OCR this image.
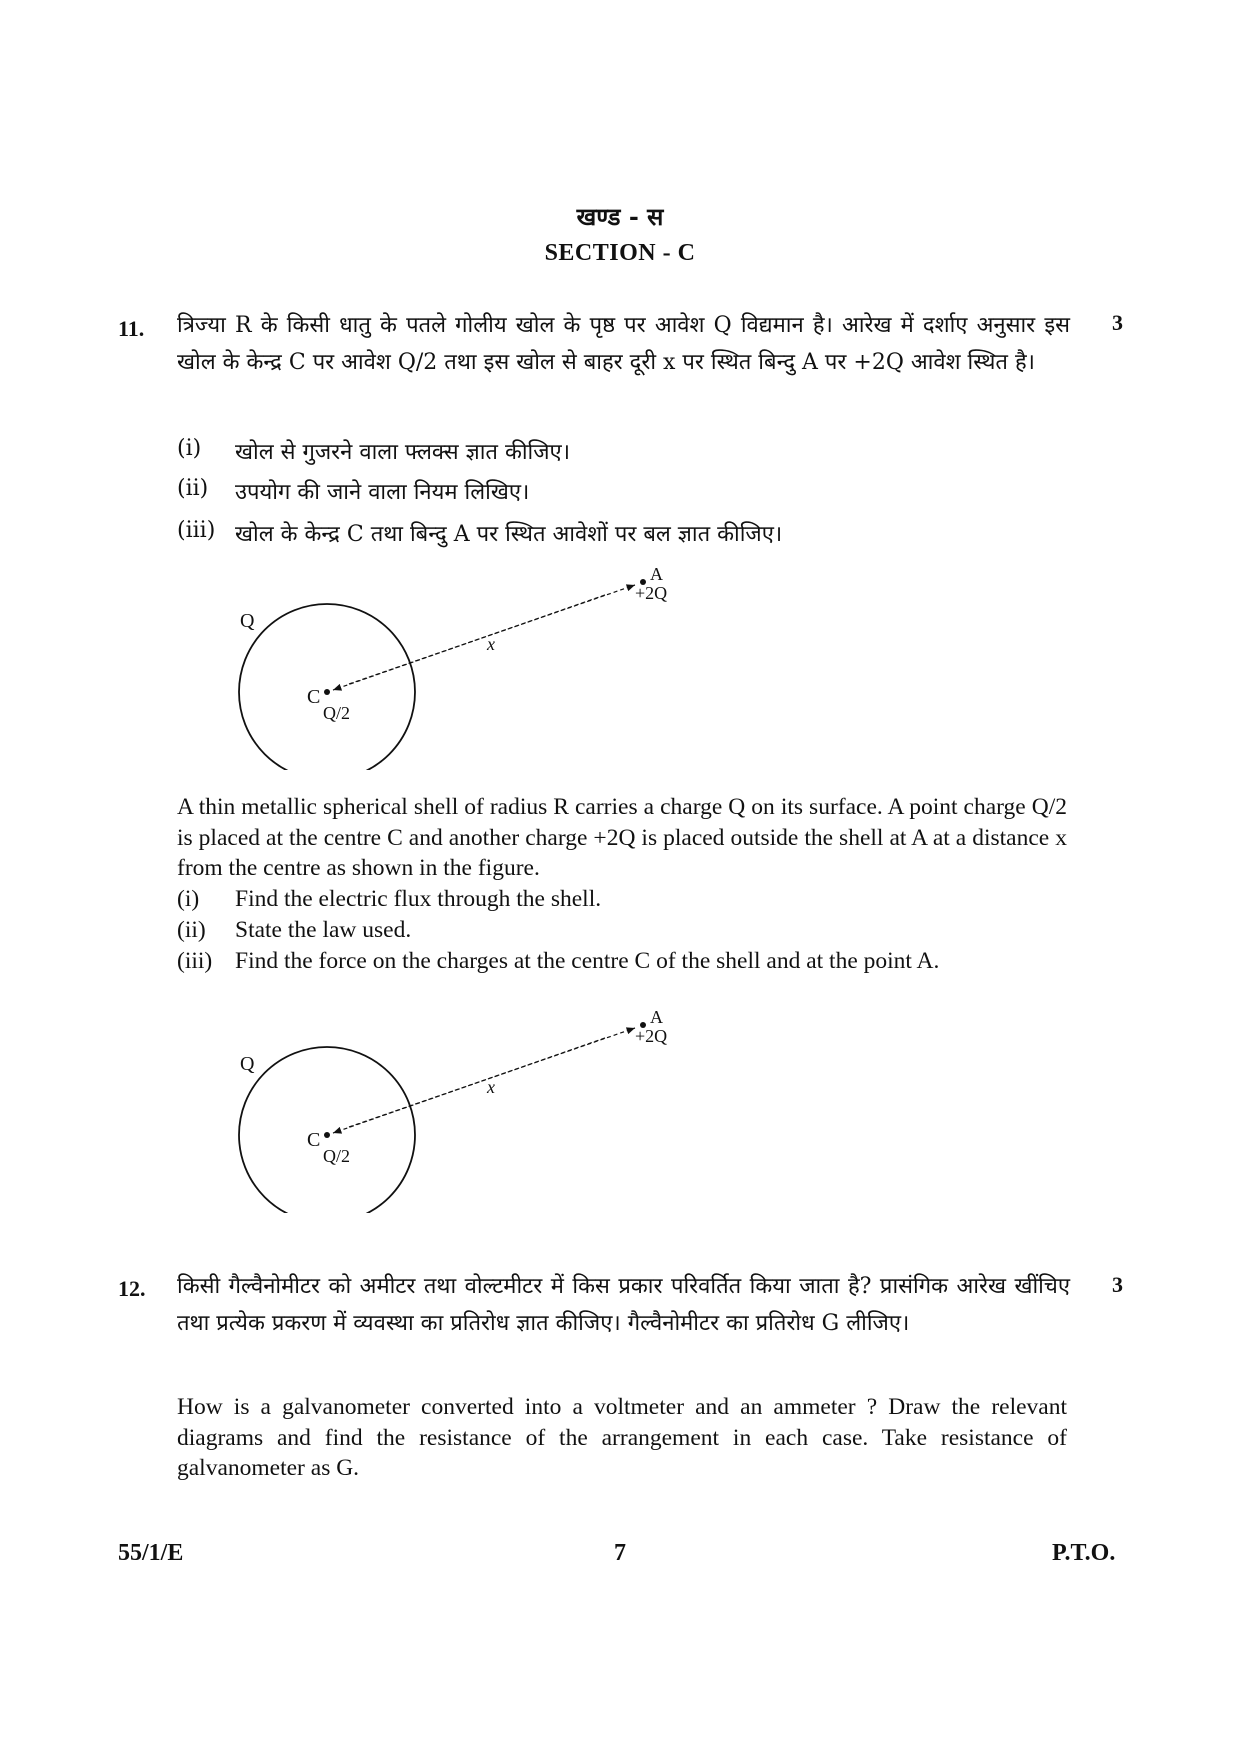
खण्ड - स
SECTION - C
11.	3
त्रिज्या R के किसी धातु के पतले गोलीय खोल के पृष्ठ पर आवेश Q विद्यमान है। आरेख में दर्शाए अनुसार इस खोल के केन्द्र C पर आवेश Q/2 तथा इस खोल से बाहर दूरी x पर स्थित बिन्दु A पर +2Q आवेश स्थित है।
(i) खोल से गुजरने वाला फ्लक्स ज्ञात कीजिए।
(ii) उपयोग की जाने वाला नियम लिखिए।
(iii) खोल के केन्द्र C तथा बिन्दु A पर स्थित आवेशों पर बल ज्ञात कीजिए।
Q
C
Q/2
A
+2Q
x
A thin metallic spherical shell of radius R carries a charge Q on its surface. A point charge Q/2 is placed at the centre C and another charge +2Q is placed outside the shell at A at a distance x from the centre as shown in the figure.
(i) Find the electric flux through the shell.
(ii) State the law used.
(iii) Find the force on the charges at the centre C of the shell and at the point A.
Q
C
Q/2
A
+2Q
x
12.	3
किसी गैल्वैनोमीटर को अमीटर तथा वोल्टमीटर में किस प्रकार परिवर्तित किया जाता है? प्रासंगिक आरेख खींचिए तथा प्रत्येक प्रकरण में व्यवस्था का प्रतिरोध ज्ञात कीजिए। गैल्वैनोमीटर का प्रतिरोध G लीजिए।
How is a galvanometer converted into a voltmeter and an ammeter ? Draw the relevant diagrams and find the resistance of the arrangement in each case. Take resistance of galvanometer as G.
55/1/E	7	P.T.O.
